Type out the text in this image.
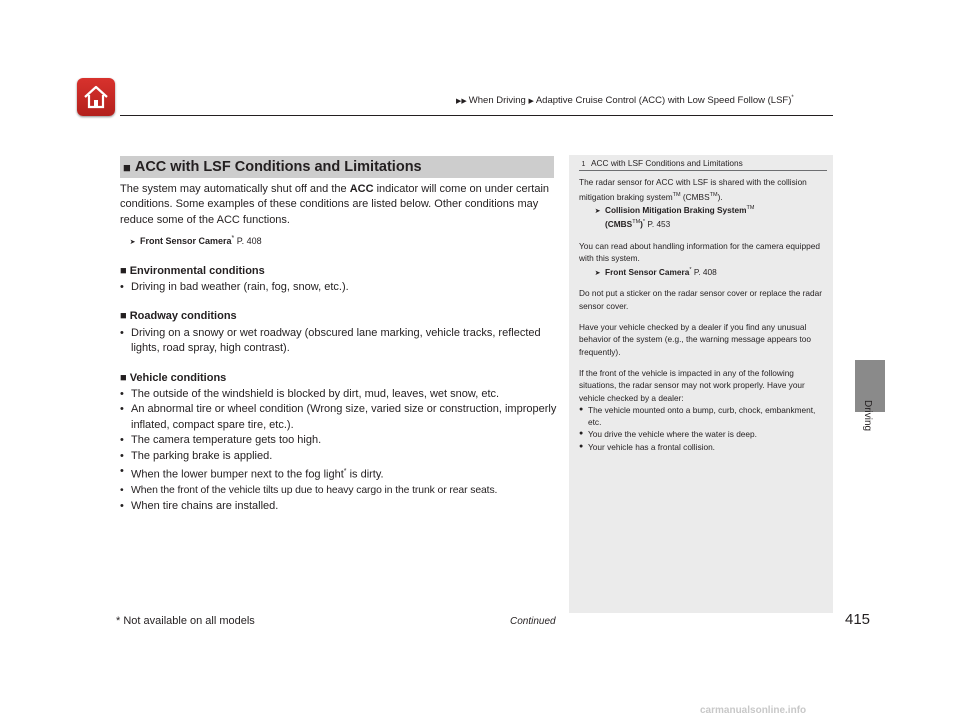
▶▶ When Driving ▶ Adaptive Cruise Control (ACC) with Low Speed Follow (LSF)*
Driving
■ ACC with LSF Conditions and Limitations

The system may automatically shut off and the ACC indicator will come on under certain conditions. Some examples of these conditions are listed below. Other conditions may reduce some of the ACC functions.

➤ Front Sensor Camera* P. 408
■ Environmental conditions
• Driving in bad weather (rain, fog, snow, etc.).
■ Roadway conditions
• Driving on a snowy or wet roadway (obscured lane marking, vehicle tracks, reflected lights, road spray, high contrast).
■ Vehicle conditions
• The outside of the windshield is blocked by dirt, mud, leaves, wet snow, etc.
• An abnormal tire or wheel condition (Wrong size, varied size or construction, improperly inflated, compact spare tire, etc.).
• The camera temperature gets too high.
• The parking brake is applied.
• When the lower bumper next to the fog light* is dirty.
• When the front of the vehicle tilts up due to heavy cargo in the trunk or rear seats.
• When tire chains are installed.
1 ACC with LSF Conditions and Limitations

The radar sensor for ACC with LSF is shared with the collision mitigation braking system™ (CMBS™).
➤ Collision Mitigation Braking System™
(CMBS™)* P. 453

You can read about handling information for the camera equipped with this system.
➤ Front Sensor Camera* P. 408

Do not put a sticker on the radar sensor cover or replace the radar sensor cover.

Have your vehicle checked by a dealer if you find any unusual behavior of the system (e.g., the warning message appears too frequently).

If the front of the vehicle is impacted in any of the following situations, the radar sensor may not work properly. Have your vehicle checked by a dealer:

● The vehicle mounted onto a bump, curb, chock, embankment, etc.
● You drive the vehicle where the water is deep.
● Your vehicle has a frontal collision.
* Not available on all models	Continued	415
carmanualsonline.info
